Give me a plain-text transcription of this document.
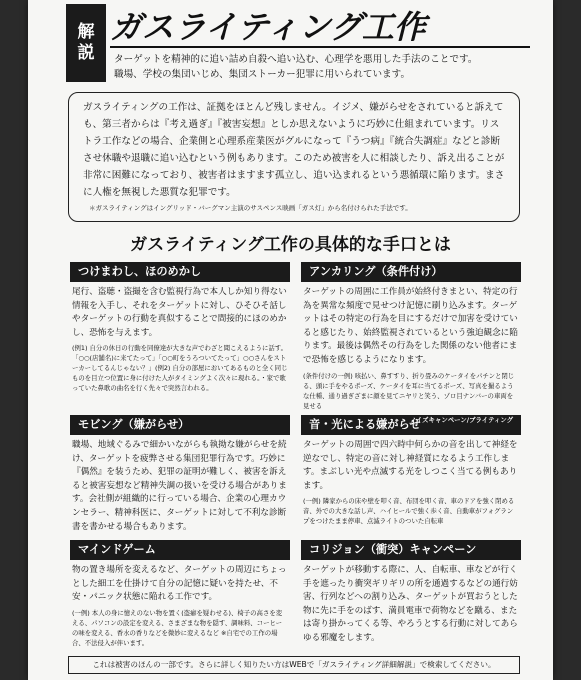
解
説
ガスライティング工作
ターゲットを精神的に追い詰め自殺へ追い込む、心理学を悪用した手法のことです。
職場、学校の集団いじめ、集団ストーカー犯罪に用いられています。
ガスライティングの工作は、証拠をほとんど残しません。イジメ、嫌がらせをされていると訴えても、第三者からは『考え過ぎ』『被害妄想』としか思えないように巧妙に仕組まれています。リストラ工作などの場合、企業側と心理系産業医がグルになって『うつ病』『統合失調症』などと診断させ休職や退職に追い込むという例もあります。このため被害を人に相談したり、訴え出ることが非常に困難になっており、被害者はますます孤立し、追い込まれるという悪循環に陥ります。まさに人権を無視した悪質な犯罪です。
＊ガスライティングはイングリッド・バーグマン主演のサスペンス映画「ガス灯」から名付けられた手法です。
ガスライティング工作の具体的な手口とは
つけまわし、ほのめかし
尾行、盗聴・盗撮を含む監視行為で本人しか知り得ない情報を入手し、それをターゲットに対し、ひそひそ話しやターゲットの行動を真似することで間接的にほのめかし、恐怖を与えます。
(例1) 自分の休日の行動を同僚達が大きな声でわざと聞こえるように話す。「○○(店舗名)に来てたって」「○○町をうろついてたって」○○さんをストーカーしてるんじゃない？」(例2) 自分の部屋においてあるものと全く同じものを目立つ位置に身に付けた人がタイミングよく次々に現れる。・家で歌っていた鼻歌の曲名を行く先々で突然言われる。
モビング（嫌がらせ）
職場、地域ぐるみで細かいながらも執拗な嫌がらせを続け、ターゲットを疲弊させる集団犯罪行為です。巧妙に『偶然』を装うため、犯罪の証明が難しく、被害を訴えると被害妄想など精神失調の扱いを受ける場合があります。会社側が組織的に行っている場合、企業の心理カウンセラー、精神科医に、ターゲットに対して不利な診断書を書かせる場合もあります。
マインドゲーム
物の置き場所を変えるなど、ターゲットの周辺にちょっとした細工を仕掛けて自分の記憶に疑いを持たせ、不安・パニック状態に陥れる工作です。
(一例) 本人の身に憶えのない物を置く(盗癖を疑わせる)、椅子の高さを変える、パソコンの設定を変える、さまざまな物を隠す、調味料、コーヒーの味を変える、香水の香りなどを微妙に変えるなど ※自宅での工作の場合、不法侵入が伴います。
アンカリング（条件付け）
ターゲットの周囲に工作員が始終付きまとい、特定の行為を異常な頻度で見せつけ記憶に刷り込みます。ターゲットはその特定の行為を目にするだけで加害を受けていると感じたり、始終監視されているという強迫観念に陥ります。最後は偶然その行為をした関係のない他者にまで恐怖を感じるようになります。
(条件付けの一例) 咳払い、鼻すすり、折り畳みのケータイをパチンと閉じる、頭に手をやるポーズ、ケータイを耳に当てるポーズ、写真を撮るような仕種、通り過ぎざまに顔を見てニヤリと笑う、ゾロ目ナンバーの車両を見せる
音・光による嫌がらせ
ノイズキャンペーン/ブライティング
ターゲットの周囲で四六時中何らかの音を出して神経を逆なでし、特定の音に対し神経質になるよう工作します。まぶしい光や点滅する光をしつこく当てる例もあります。
(一例) 隣家からの床や壁を叩く音、布団を叩く音、車のドアを強く閉める音、外での大きな話し声、ハイヒールで強く歩く音、自動車がフォグランプをつけたまま停車、点滅ライトのついた自転車
コリジョン（衝突）キャンペーン
ターゲットが移動する際に、人、自転車、車などが行く手を遮ったり衝突ギリギリの所を通過するなどの通行妨害、行列などへの割り込み、ターゲットが買おうとした物に先に手をのばす、満員電車で荷物などを蹴る、または寄り掛かってくる等、やろうとする行動に対してあらゆる邪魔をします。
これは被害のほんの一部です。さらに詳しく知りたい方はWEBで「ガスライティング詳細解説」で検索してください。
